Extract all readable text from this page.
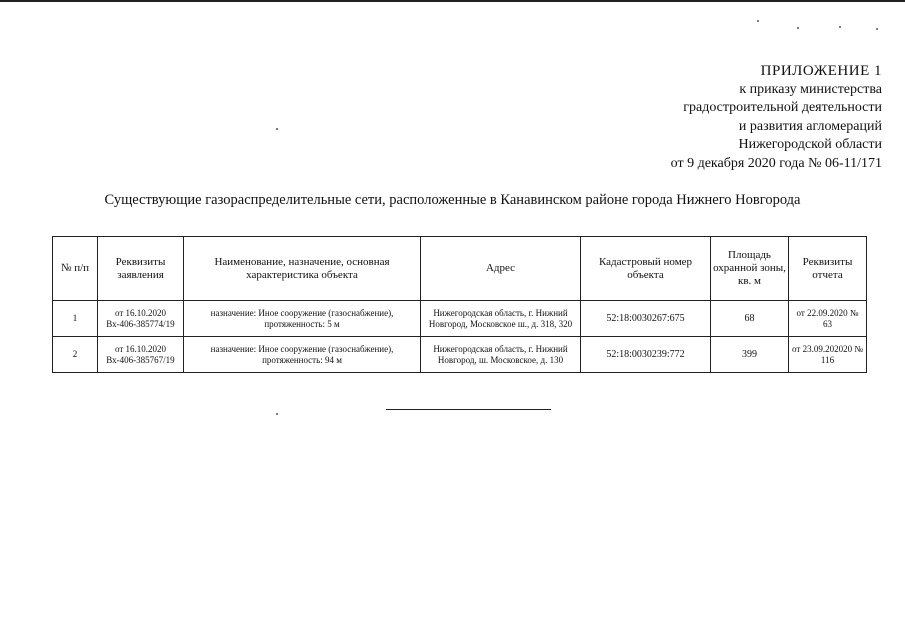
ПРИЛОЖЕНИЕ 1
к приказу министерства
градостроительной деятельности
и развития агломераций
Нижегородской области
от 9 декабря 2020 года № 06-11/171
Существующие газораспределительные сети, расположенные в Канавинском районе города Нижнего Новгорода
№ п/п	Реквизиты заявления	Наименование, назначение, основная характеристика объекта	Адрес	Кадастровый номер объекта	Площадь охранной зоны, кв. м	Реквизиты отчета
1	от 16.10.2020 Вх-406-385774/19	назначение: Иное сооружение (газоснабжение), протяженность: 5 м	Нижегородская область, г. Нижний Новгород, Московское ш., д. 318, 320	52:18:0030267:675	68	от 22.09.2020 № 63
2	от 16.10.2020 Вх-406-385767/19	назначение: Иное сооружение (газоснабжение), протяженность: 94 м	Нижегородская область, г. Нижний Новгород, ш. Московское, д. 130	52:18:0030239:772	399	от 23.09.202020 № 116
